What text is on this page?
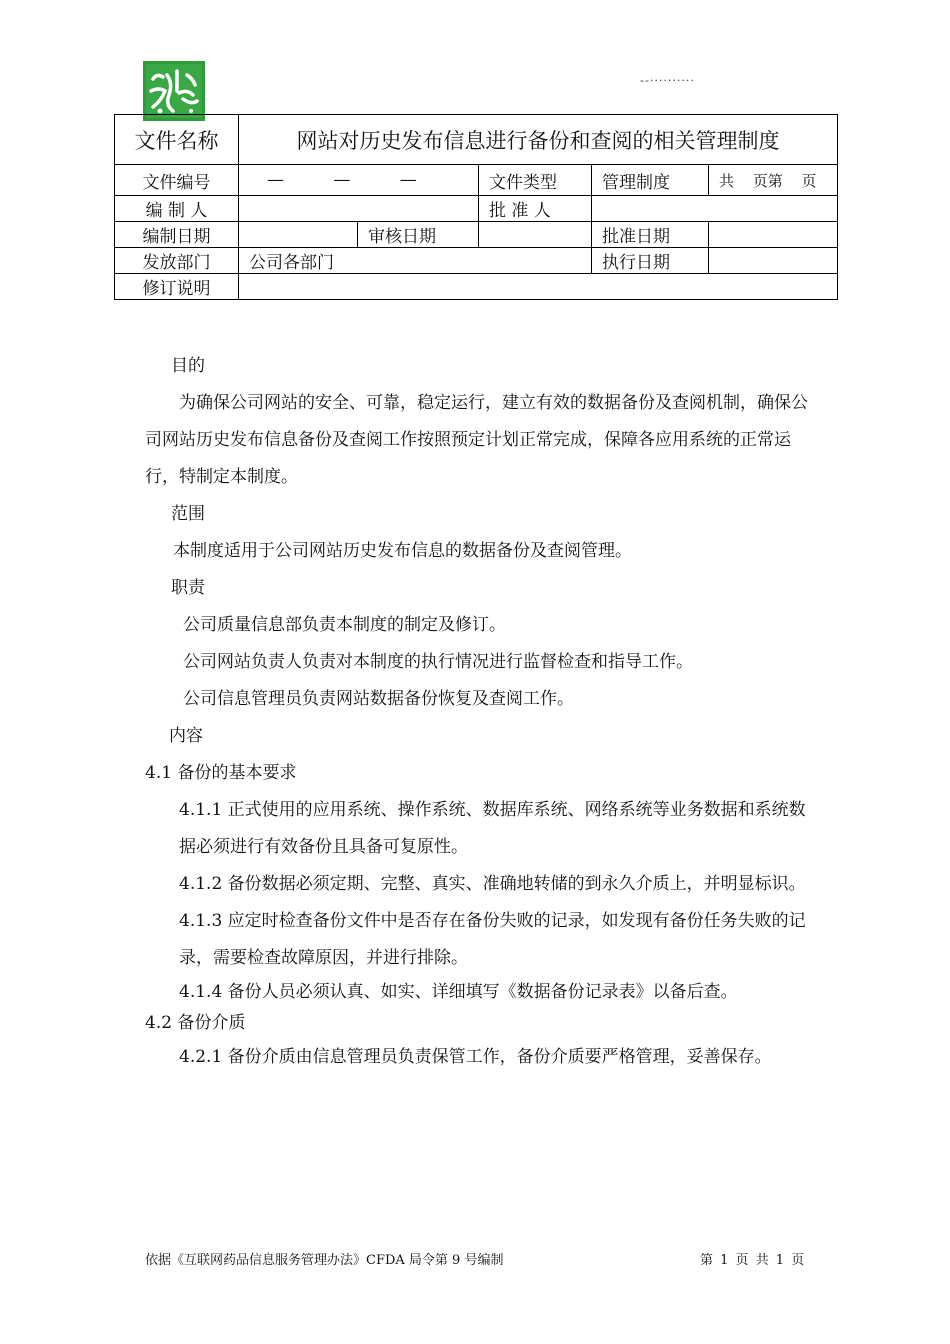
--‧‧‧‧‧‧‧‧‧‧
文件名称	网站对历史发布信息进行备份和查阅的相关管理制度				
文件编号	— — —		文件类型	管理制度	共 页第 页
编 制 人			批 准 人		
编制日期		审核日期		批准日期	
发放部门	公司各部门			执行日期	
修订说明					

目的

为确保公司网站的安全、可靠，稳定运行，建立有效的数据备份及查阅机制，确保公司网站历史发布信息备份及查阅工作按照预定计划正常完成，保障各应用系统的正常运行，特制定本制度。

范围

本制度适用于公司网站历史发布信息的数据备份及查阅管理。

职责

公司质量信息部负责本制度的制定及修订。

公司网站负责人负责对本制度的执行情况进行监督检查和指导工作。

公司信息管理员负责网站数据备份恢复及查阅工作。

内容

4.1 备份的基本要求

4.1.1 正式使用的应用系统、操作系统、数据库系统、网络系统等业务数据和系统数据必须进行有效备份且具备可复原性。

4.1.2 备份数据必须定期、完整、真实、准确地转储的到永久介质上，并明显标识。

4.1.3 应定时检查备份文件中是否存在备份失败的记录，如发现有备份任务失败的记录，需要检查故障原因，并进行排除。

4.1.4 备份人员必须认真、如实、详细填写《数据备份记录表》以备后查。

4.2 备份介质

4.2.1 备份介质由信息管理员负责保管工作，备份介质要严格管理，妥善保存。

依据《互联网药品信息服务管理办法》CFDA 局令第 9 号编制	第 1 页 共 1 页
